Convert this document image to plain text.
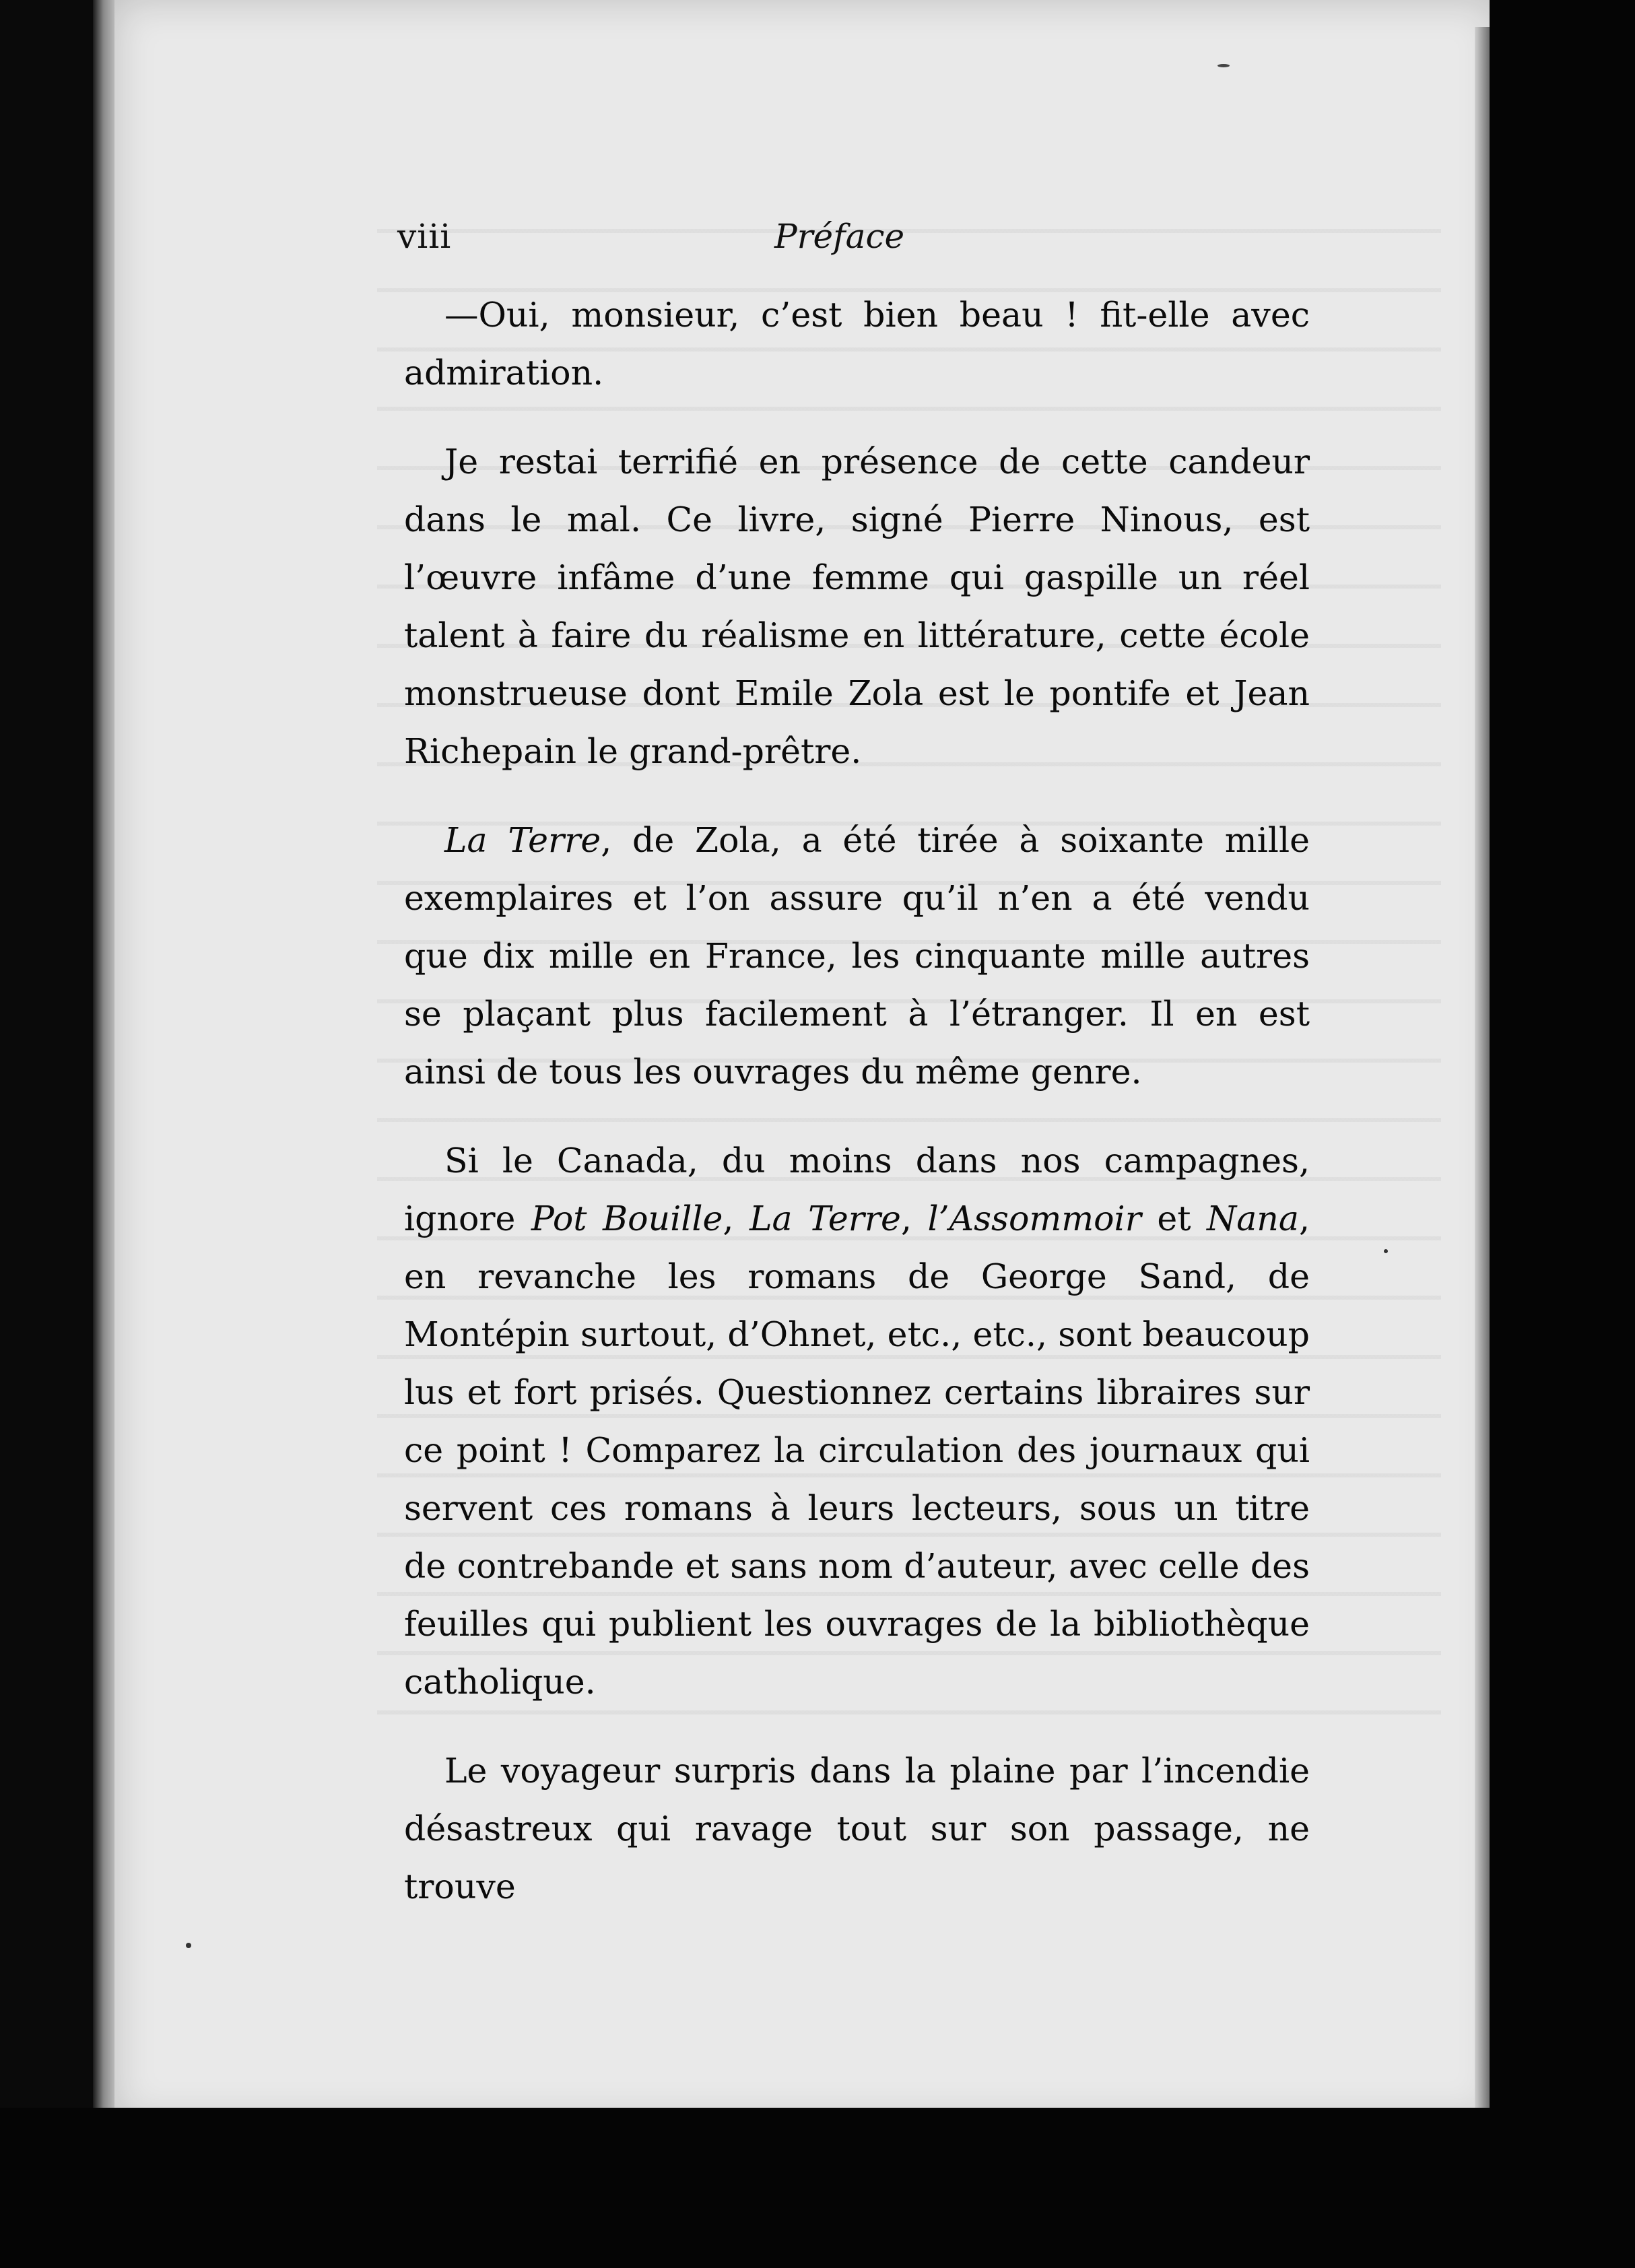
viii	Préface

—Oui, monsieur, c’est bien beau ! fit-elle avec admiration.

Je restai terrifié en présence de cette candeur dans le mal. Ce livre, signé Pierre Ninous, est l’œuvre infâme d’une femme qui gaspille un réel talent à faire du réalisme en littérature, cette école monstrueuse dont Emile Zola est le pontife et Jean Richepain le grand-prêtre.

La Terre, de Zola, a été tirée à soixante mille exemplaires et l’on assure qu’il n’en a été vendu que dix mille en France, les cinquante mille autres se plaçant plus facilement à l’étranger. Il en est ainsi de tous les ouvrages du même genre.

Si le Canada, du moins dans nos campagnes, ignore Pot Bouille, La Terre, l’Assommoir et Nana, en revanche les romans de George Sand, de Montépin surtout, d’Ohnet, etc., etc., sont beaucoup lus et fort prisés. Questionnez certains libraires sur ce point ! Comparez la circulation des journaux qui servent ces romans à leurs lecteurs, sous un titre de contrebande et sans nom d’auteur, avec celle des feuilles qui publient les ouvrages de la bibliothèque catholique.

Le voyageur surpris dans la plaine par l’incendie désastreux qui ravage tout sur son passage, ne trouve
